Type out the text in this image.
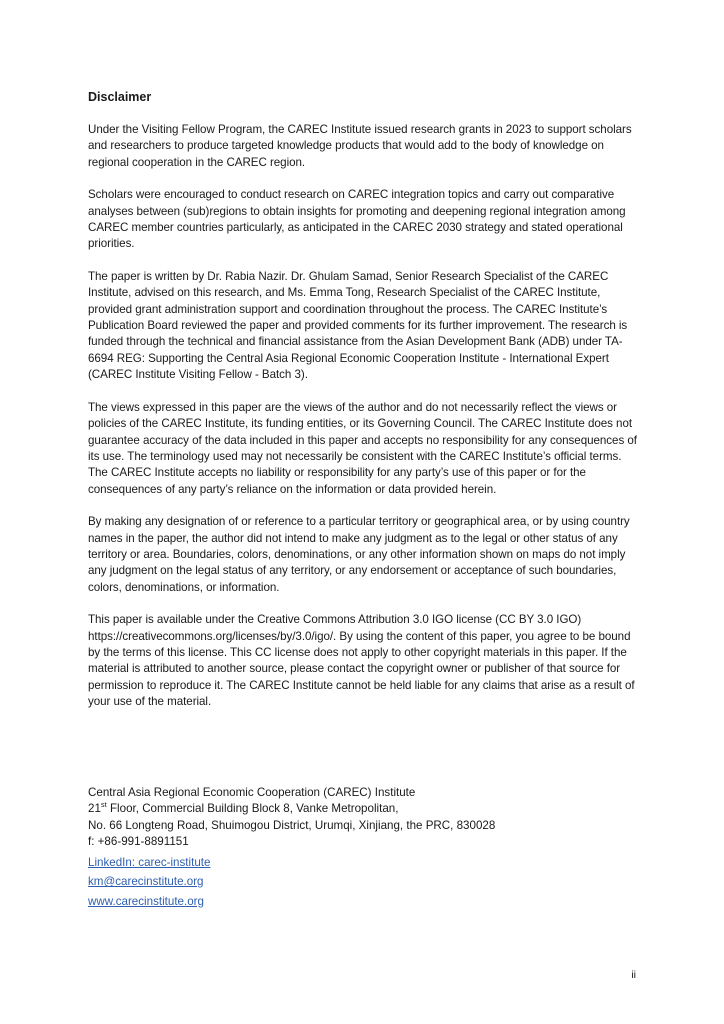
Disclaimer

Under the Visiting Fellow Program, the CAREC Institute issued research grants in 2023 to support scholars and researchers to produce targeted knowledge products that would add to the body of knowledge on regional cooperation in the CAREC region.

Scholars were encouraged to conduct research on CAREC integration topics and carry out comparative analyses between (sub)regions to obtain insights for promoting and deepening regional integration among CAREC member countries particularly, as anticipated in the CAREC 2030 strategy and stated operational priorities.

The paper is written by Dr. Rabia Nazir. Dr. Ghulam Samad, Senior Research Specialist of the CAREC Institute, advised on this research, and Ms. Emma Tong, Research Specialist of the CAREC Institute, provided grant administration support and coordination throughout the process. The CAREC Institute’s Publication Board reviewed the paper and provided comments for its further improvement. The research is funded through the technical and financial assistance from the Asian Development Bank (ADB) under TA-6694 REG: Supporting the Central Asia Regional Economic Cooperation Institute - International Expert (CAREC Institute Visiting Fellow - Batch 3).

The views expressed in this paper are the views of the author and do not necessarily reflect the views or policies of the CAREC Institute, its funding entities, or its Governing Council. The CAREC Institute does not guarantee accuracy of the data included in this paper and accepts no responsibility for any consequences of its use. The terminology used may not necessarily be consistent with the CAREC Institute’s official terms. The CAREC Institute accepts no liability or responsibility for any party’s use of this paper or for the consequences of any party’s reliance on the information or data provided herein.

By making any designation of or reference to a particular territory or geographical area, or by using country names in the paper, the author did not intend to make any judgment as to the legal or other status of any territory or area. Boundaries, colors, denominations, or any other information shown on maps do not imply any judgment on the legal status of any territory, or any endorsement or acceptance of such boundaries, colors, denominations, or information.

This paper is available under the Creative Commons Attribution 3.0 IGO license (CC BY 3.0 IGO) https://creativecommons.org/licenses/by/3.0/igo/. By using the content of this paper, you agree to be bound by the terms of this license. This CC license does not apply to other copyright materials in this paper. If the material is attributed to another source, please contact the copyright owner or publisher of that source for permission to reproduce it. The CAREC Institute cannot be held liable for any claims that arise as a result of your use of the material.

Central Asia Regional Economic Cooperation (CAREC) Institute
21st Floor, Commercial Building Block 8, Vanke Metropolitan,
No. 66 Longteng Road, Shuimogou District, Urumqi, Xinjiang, the PRC, 830028
f: +86-991-8891151
LinkedIn: carec-institute
km@carecinstitute.org
www.carecinstitute.org
ii
